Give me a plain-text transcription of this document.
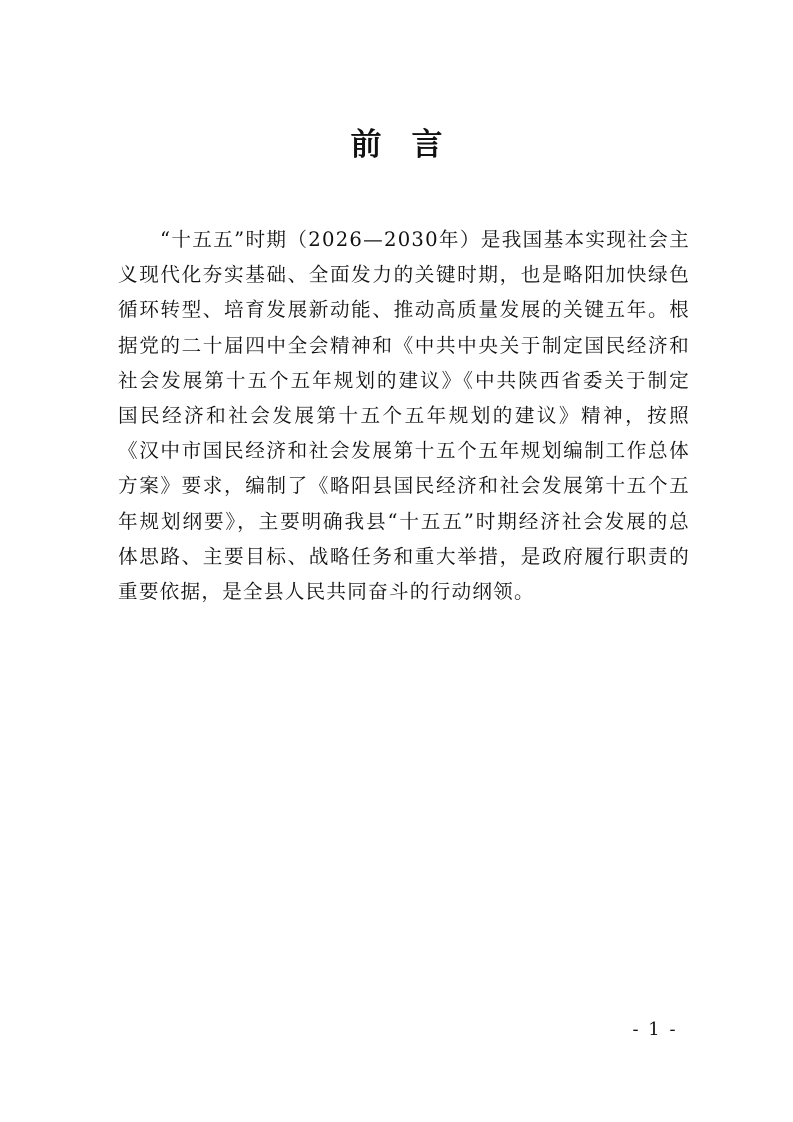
前言

“十五五”时期（2026—2030年）是我国基本实现社会主义现代化夯实基础、全面发力的关键时期，也是略阳加快绿色循环转型、培育发展新动能、推动高质量发展的关键五年。根据党的二十届四中全会精神和《中共中央关于制定国民经济和社会发展第十五个五年规划的建议》《中共陕西省委关于制定国民经济和社会发展第十五个五年规划的建议》精神，按照《汉中市国民经济和社会发展第十五个五年规划编制工作总体方案》要求，编制了《略阳县国民经济和社会发展第十五个五年规划纲要》，主要明确我县“十五五”时期经济社会发展的总体思路、主要目标、战略任务和重大举措，是政府履行职责的重要依据，是全县人民共同奋斗的行动纲领。

- 1 -
